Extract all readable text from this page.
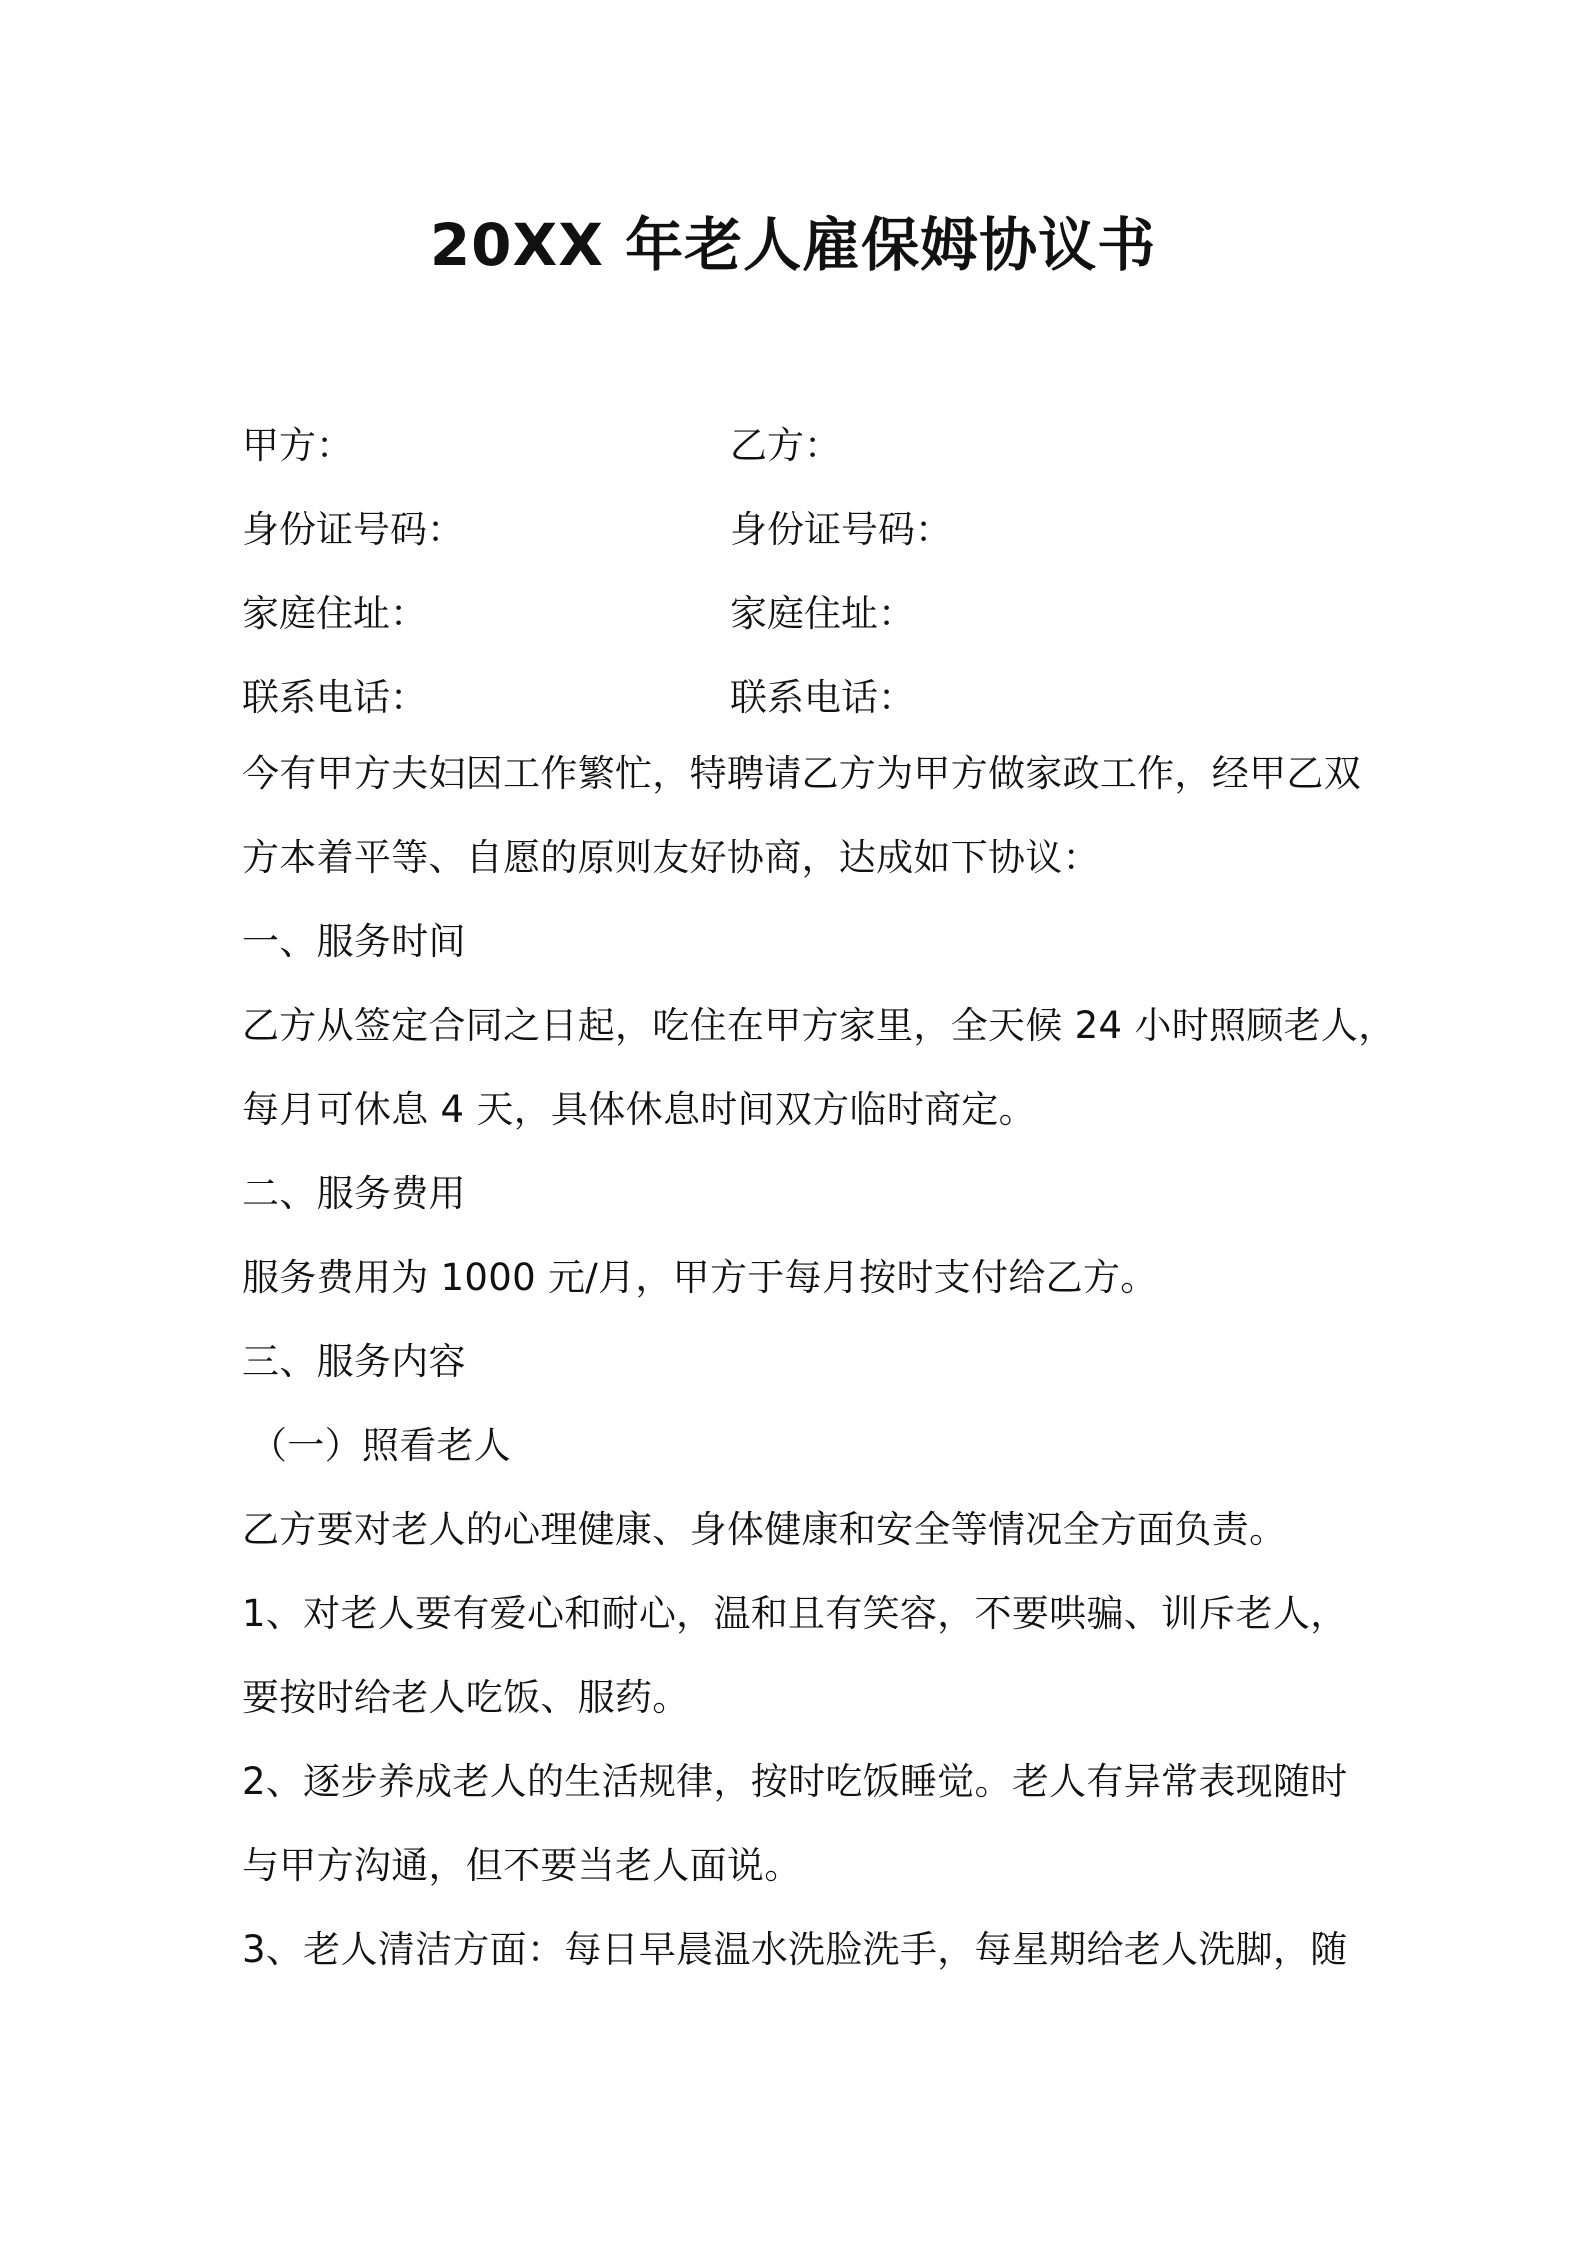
20XX 年老人雇保姆协议书
甲方：	乙方：
身份证号码：	身份证号码：
家庭住址：	家庭住址：
联系电话：	联系电话：
今有甲方夫妇因工作繁忙，特聘请乙方为甲方做家政工作，经甲乙双
方本着平等、自愿的原则友好协商，达成如下协议：
一、服务时间
乙方从签定合同之日起，吃住在甲方家里，全天候 24 小时照顾老人，
每月可休息 4 天，具体休息时间双方临时商定。
二、服务费用
服务费用为 1000 元/月，甲方于每月按时支付给乙方。
三、服务内容
（一）照看老人
乙方要对老人的心理健康、身体健康和安全等情况全方面负责。
1、对老人要有爱心和耐心，温和且有笑容，不要哄骗、训斥老人，
要按时给老人吃饭、服药。
2、逐步养成老人的生活规律，按时吃饭睡觉。老人有异常表现随时
与甲方沟通，但不要当老人面说。
3、老人清洁方面：每日早晨温水洗脸洗手，每星期给老人洗脚，随
